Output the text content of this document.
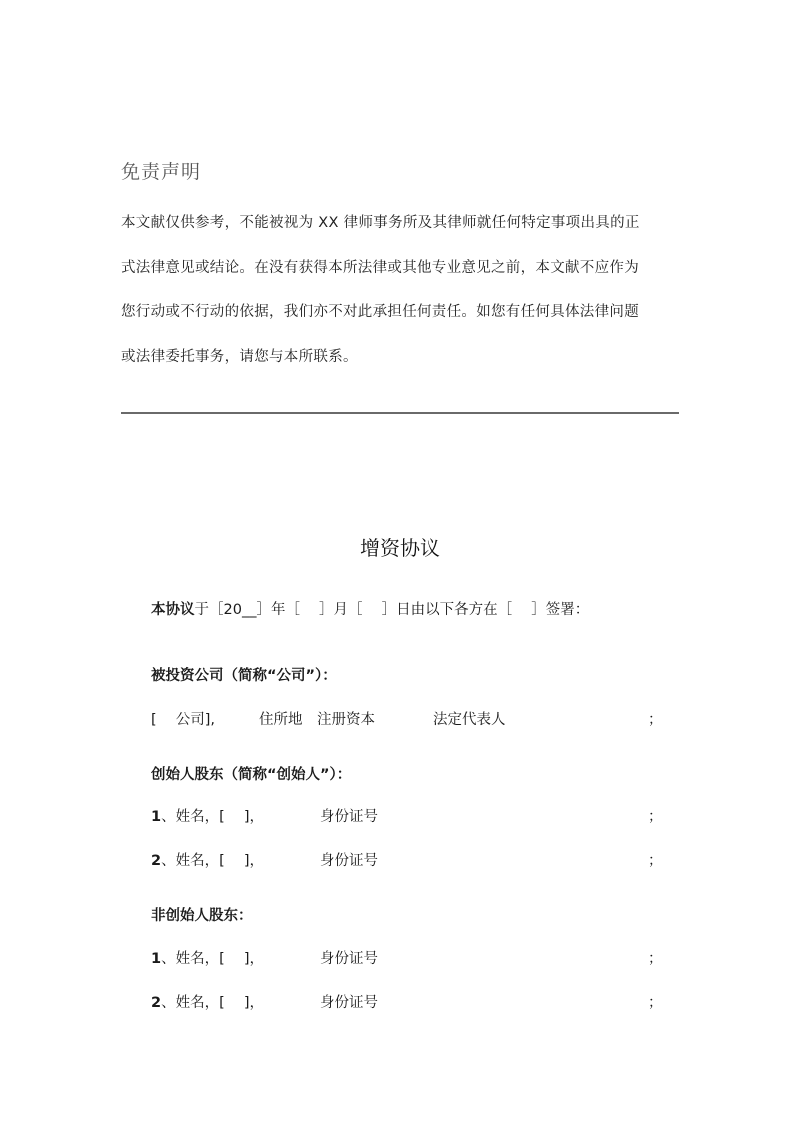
免责声明
本文献仅供参考，不能被视为 XX 律师事务所及其律师就任何特定事项出具的正
式法律意见或结论。在没有获得本所法律或其他专业意见之前，本文献不应作为
您行动或不行动的依据，我们亦不对此承担任何责任。如您有任何具体法律问题
或法律委托事务，请您与本所联系。
增资协议
本协议于［20__］年［　 ］月［　 ］日由以下各方在［　 ］签署：
被投资公司（简称“公司”）：
[　 公司],	住所地 注册资本	法定代表人	；
创始人股东（简称“创始人”）：
1、姓名，[　 ]，	身份证号	；
2、姓名，[　 ]，	身份证号	；
非创始人股东：
1、姓名，[　 ]，	身份证号	；
2、姓名，[　 ]，	身份证号	；
